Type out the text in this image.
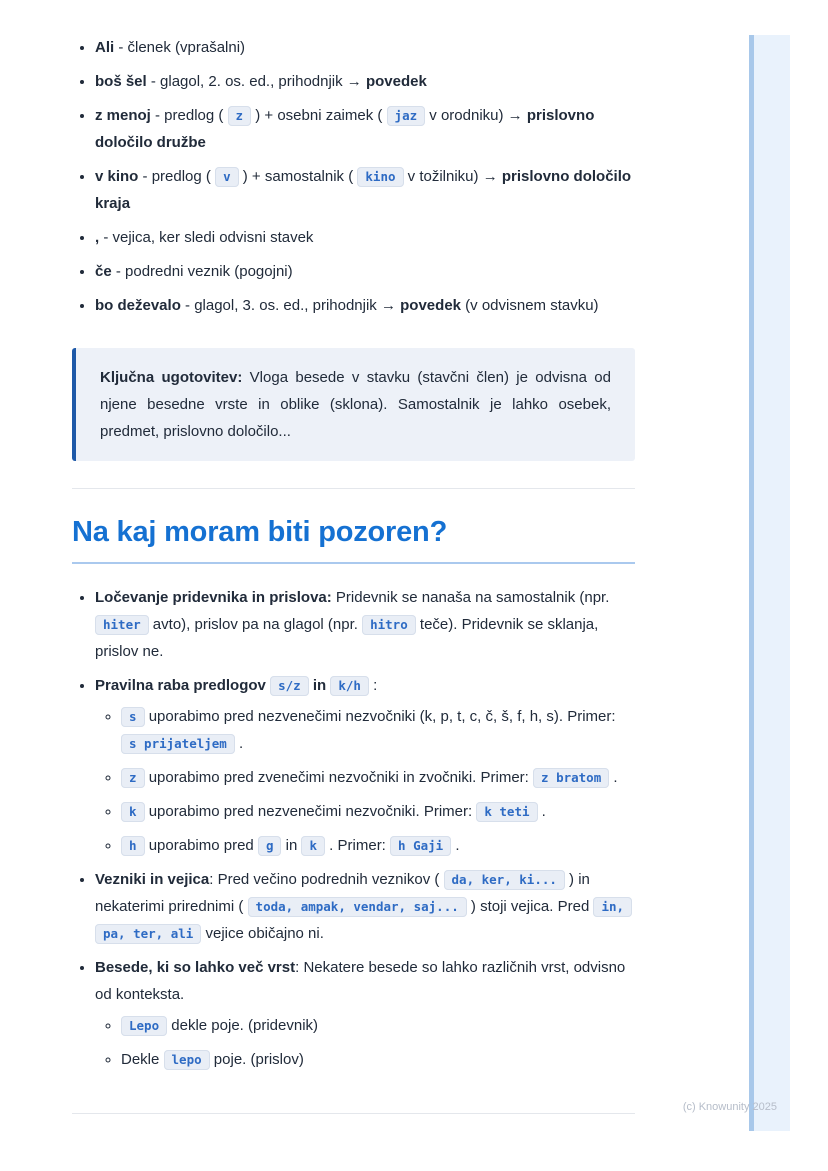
• Ali - členek (vprašalni)
• boš šel - glagol, 2. os. ed., prihodnjik → povedek
• z menoj - predlog ( z ) + osebni zaimek ( jaz v orodniku) → prislovno določilo družbe
• v kino - predlog ( v ) + samostalnik ( kino v tožilniku) → prislovno določilo kraja
• , - vejica, ker sledi odvisni stavek
• če - podredni veznik (pogojni)
• bo deževalo - glagol, 3. os. ed., prihodnjik → povedek (v odvisnem stavku)
Ključna ugotovitev: Vloga besede v stavku (stavčni člen) je odvisna od njene besedne vrste in oblike (sklona). Samostalnik je lahko osebek, predmet, prislovno določilo...
Na kaj moram biti pozoren?
• Ločevanje pridevnika in prislova: Pridevnik se nanaša na samostalnik (npr. hiter avto), prislov pa na glagol (npr. hitro teče). Pridevnik se sklanja, prislov ne.
• Pravilna raba predlogov s/z in k/h :
◦ s uporabimo pred nezvenečimi nezvočniki (k, p, t, c, č, š, f, h, s). Primer: s prijateljem .
◦ z uporabimo pred zvenečimi nezvočniki in zvočniki. Primer: z bratom .
◦ k uporabimo pred nezvenečimi nezvočniki. Primer: k teti .
◦ h uporabimo pred g in k . Primer: h Gaji .
• Vezniki in vejica: Pred večino podrednih veznikov ( da, ker, ki... ) in nekaterimi prirednimi ( toda, ampak, vendar, saj... ) stoji vejica. Pred in, pa, ter, ali vejice običajno ni.
• Besede, ki so lahko več vrst: Nekatere besede so lahko različnih vrst, odvisno od konteksta.
◦ Lepo dekle poje. (pridevnik)
◦ Dekle lepo poje. (prislov)
(c) Knowunity 2025
